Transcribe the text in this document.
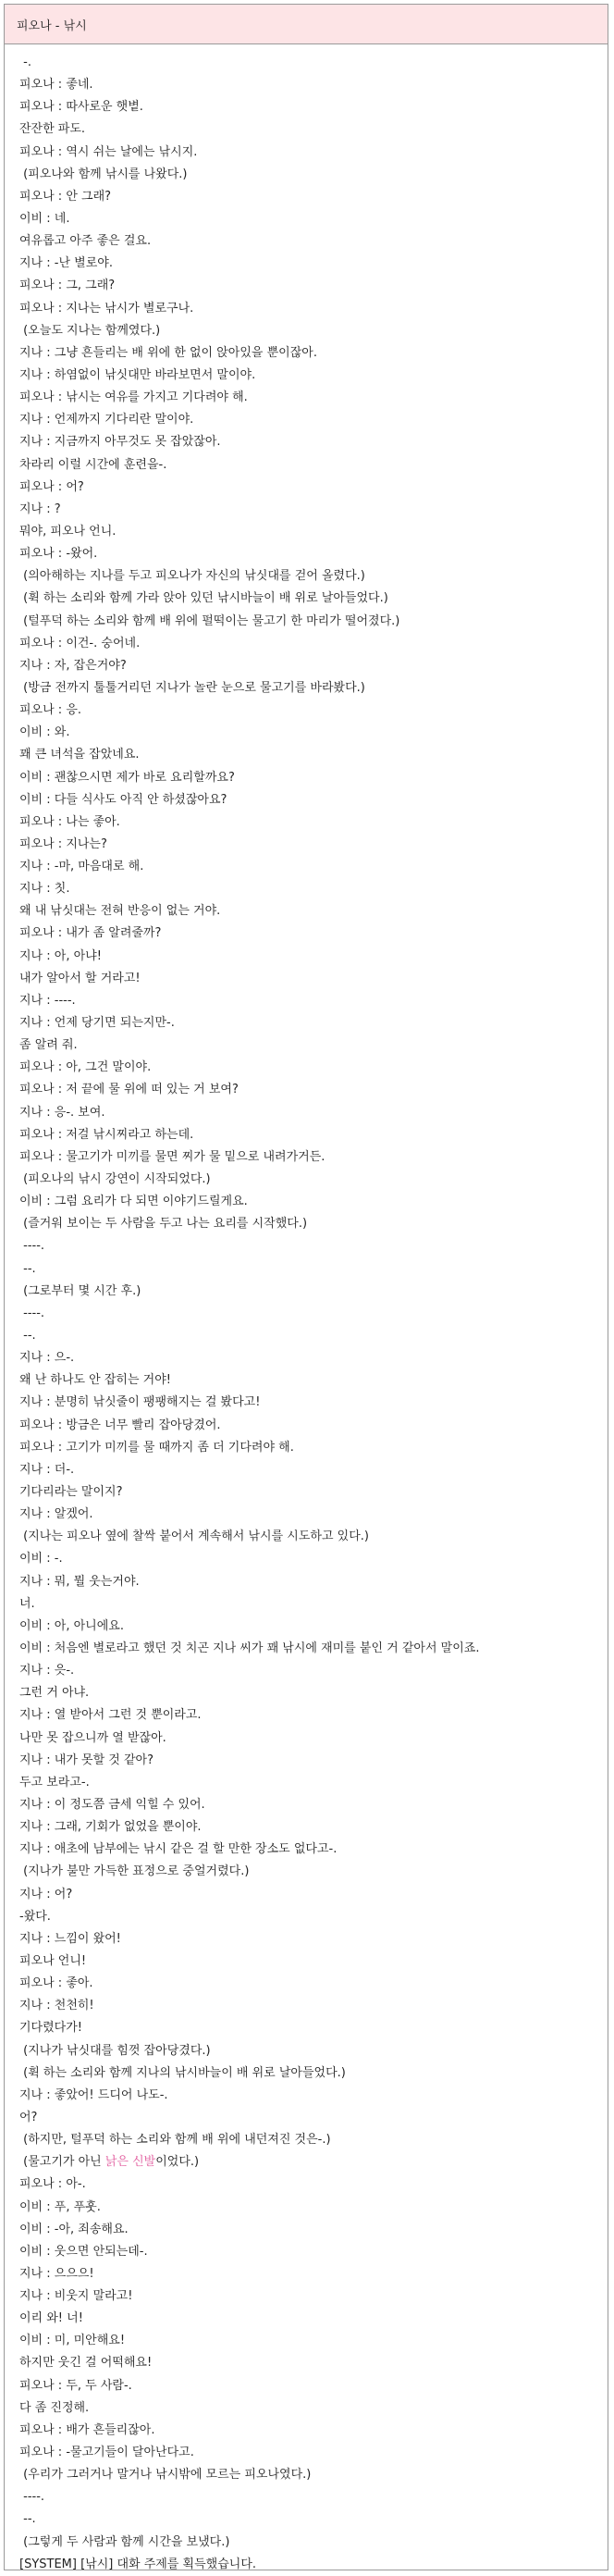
피오나 - 낚시
-.
피오나 : 좋네.
피오나 : 따사로운 햇볕.
잔잔한 파도.
피오나 : 역시 쉬는 날에는 낚시지.
(피오나와 함께 낚시를 나왔다.)
피오나 : 안 그래?
이비 : 네.
여유롭고 아주 좋은 걸요.
지나 : -난 별로야.
피오나 : 그, 그래?
피오나 : 지나는 낚시가 별로구나.
(오늘도 지나는 함께였다.)
지나 : 그냥 흔들리는 배 위에 한 없이 앉아있을 뿐이잖아.
지나 : 하염없이 낚싯대만 바라보면서 말이야.
피오나 : 낚시는 여유를 가지고 기다려야 해.
지나 : 언제까지 기다리란 말이야.
지나 : 지금까지 아무것도 못 잡았잖아.
차라리 이럴 시간에 훈련을-.
피오나 : 어?
지나 : ?
뭐야, 피오나 언니.
피오나 : -왔어.
(의아해하는 지나를 두고 피오나가 자신의 낚싯대를 걷어 올렸다.)
(휙 하는 소리와 함께 가라 앉아 있던 낚시바늘이 배 위로 날아들었다.)
(털푸덕 하는 소리와 함께 배 위에 펄떡이는 물고기 한 마리가 떨어졌다.)
피오나 : 이건-. 숭어네.
지나 : 자, 잡은거야?
(방금 전까지 툴툴거리던 지나가 놀란 눈으로 물고기를 바라봤다.)
피오나 : 응.
이비 : 와.
꽤 큰 녀석을 잡았네요.
이비 : 괜찮으시면 제가 바로 요리할까요?
이비 : 다들 식사도 아직 안 하셨잖아요?
피오나 : 나는 좋아.
피오나 : 지나는?
지나 : -마, 마음대로 해.
지나 : 칫.
왜 내 낚싯대는 전혀 반응이 없는 거야.
피오나 : 내가 좀 알려줄까?
지나 : 아, 아냐!
내가 알아서 할 거라고!
지나 : ----.
지나 : 언제 당기면 되는지만-.
좀 알려 줘.
피오나 : 아, 그건 말이야.
피오나 : 저 끝에 물 위에 떠 있는 거 보여?
지나 : 응-. 보여.
피오나 : 저걸 낚시찌라고 하는데.
피오나 : 물고기가 미끼를 물면 찌가 물 밑으로 내려가거든.
(피오나의 낚시 강연이 시작되었다.)
이비 : 그럼 요리가 다 되면 이야기드릴게요.
(즐거워 보이는 두 사람을 두고 나는 요리를 시작했다.)
----.
--.
(그로부터 몇 시간 후.)
----.
--.
지나 : 으-.
왜 난 하나도 안 잡히는 거야!
지나 : 분명히 낚싯줄이 팽팽해지는 걸 봤다고!
피오나 : 방금은 너무 빨리 잡아당겼어.
피오나 : 고기가 미끼를 물 때까지 좀 더 기다려야 해.
지나 : 더-.
기다리라는 말이지?
지나 : 알겠어.
(지나는 피오나 옆에 찰싹 붙어서 계속해서 낚시를 시도하고 있다.)
이비 : -.
지나 : 뭐, 뭘 웃는거야.
너.
이비 : 아, 아니에요.
이비 : 처음엔 별로라고 했던 것 치곤 지나 씨가 꽤 낚시에 재미를 붙인 거 같아서 말이죠.
지나 : 읏-.
그런 거 아냐.
지나 : 열 받아서 그런 것 뿐이라고.
나만 못 잡으니까 열 받잖아.
지나 : 내가 못할 것 같아?
두고 보라고-.
지나 : 이 정도쯤 금세 익힐 수 있어.
지나 : 그래, 기회가 없었을 뿐이야.
지나 : 애초에 남부에는 낚시 같은 걸 할 만한 장소도 없다고-.
(지나가 불만 가득한 표정으로 중얼거렸다.)
지나 : 어?
-왔다.
지나 : 느낌이 왔어!
피오나 언니!
피오나 : 좋아.
지나 : 천천히!
기다렸다가!
(지나가 낚싯대를 힘껏 잡아당겼다.)
(휙 하는 소리와 함께 지나의 낚시바늘이 배 위로 날아들었다.)
지나 : 좋았어! 드디어 나도-.
어?
(하지만, 털푸덕 하는 소리와 함께 배 위에 내던져진 것은-.)
(물고기가 아닌 낡은 신발이었다.)
피오나 : 아-.
이비 : 푸, 푸훗.
이비 : -아, 죄송해요.
이비 : 웃으면 안되는데-.
지나 : 으으으!
지나 : 비웃지 말라고!
이리 와! 너!
이비 : 미, 미안해요!
하지만 웃긴 걸 어떡해요!
피오나 : 두, 두 사람-.
다 좀 진정해.
피오나 : 배가 흔들리잖아.
피오나 : -물고기들이 달아난다고.
(우리가 그러거나 말거나 낚시밖에 모르는 피오나였다.)
----.
--.
(그렇게 두 사람과 함께 시간을 보냈다.)
[SYSTEM] [낚시] 대화 주제를 획득했습니다.
